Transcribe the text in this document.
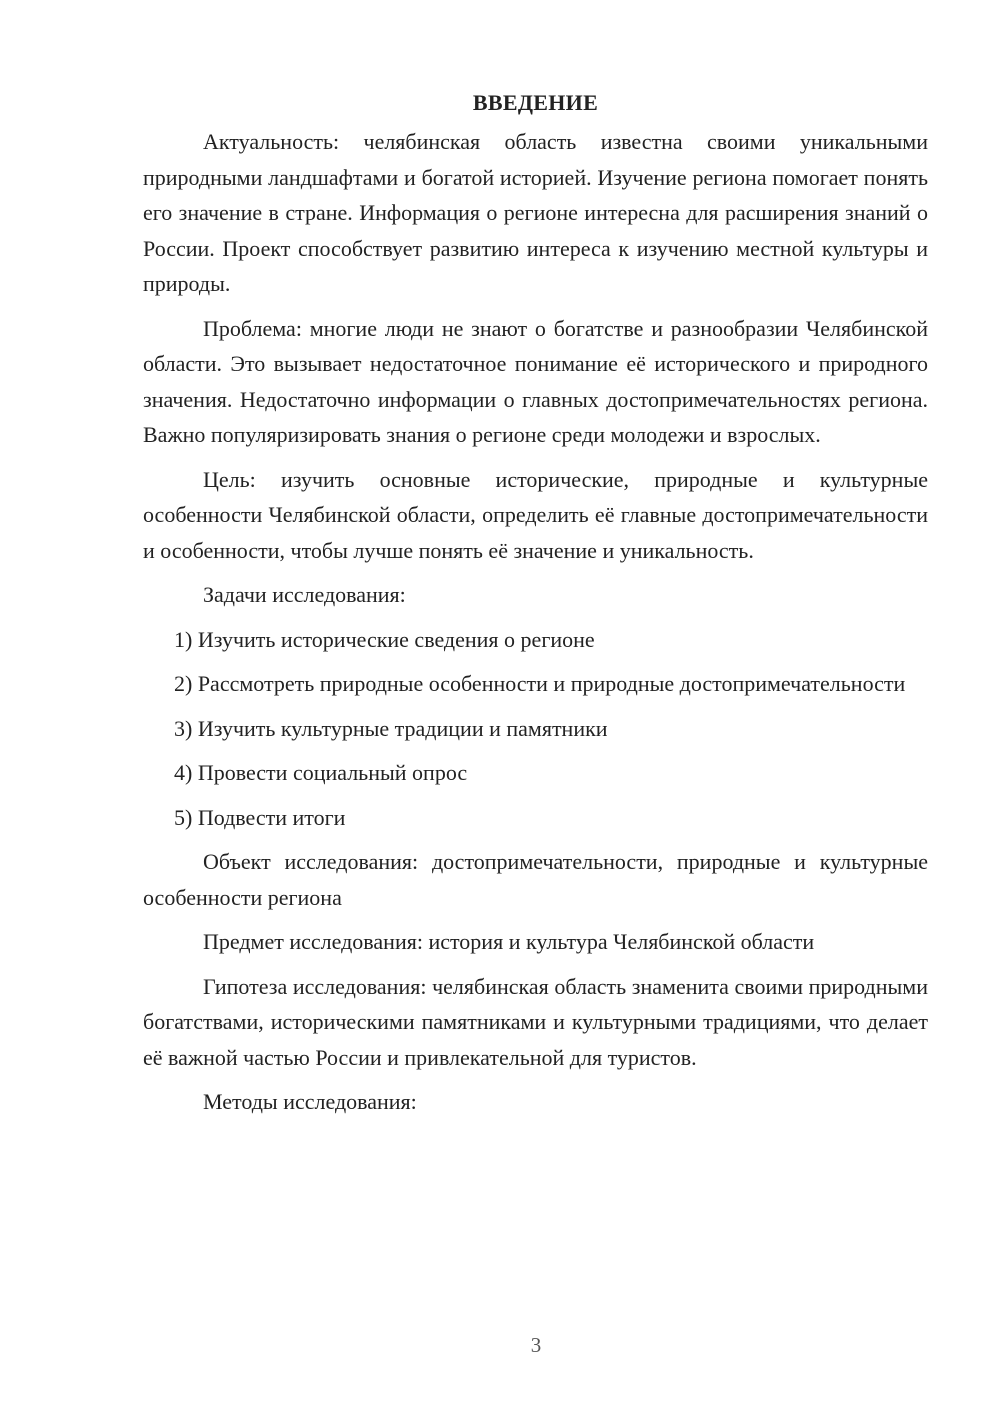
ВВЕДЕНИЕ

Актуальность: челябинская область известна своими уникальными природными ландшафтами и богатой историей. Изучение региона помогает понять его значение в стране. Информация о регионе интересна для расширения знаний о России. Проект способствует развитию интереса к изучению местной культуры и природы.

Проблема: многие люди не знают о богатстве и разнообразии Челябинской области. Это вызывает недостаточное понимание её исторического и природного значения. Недостаточно информации о главных достопримечательностях региона. Важно популяризировать знания о регионе среди молодежи и взрослых.

Цель: изучить основные исторические, природные и культурные особенности Челябинской области, определить её главные достопримечательности и особенности, чтобы лучше понять её значение и уникальность.

Задачи исследования:

1) Изучить исторические сведения о регионе

2) Рассмотреть природные особенности и природные достопримечательности

3) Изучить культурные традиции и памятники

4) Провести социальный опрос

5) Подвести итоги

Объект исследования: достопримечательности, природные и культурные особенности региона

Предмет исследования: история и культура Челябинской области

Гипотеза исследования: челябинская область знаменита своими природными богатствами, историческими памятниками и культурными традициями, что делает её важной частью России и привлекательной для туристов.

Методы исследования:

3
